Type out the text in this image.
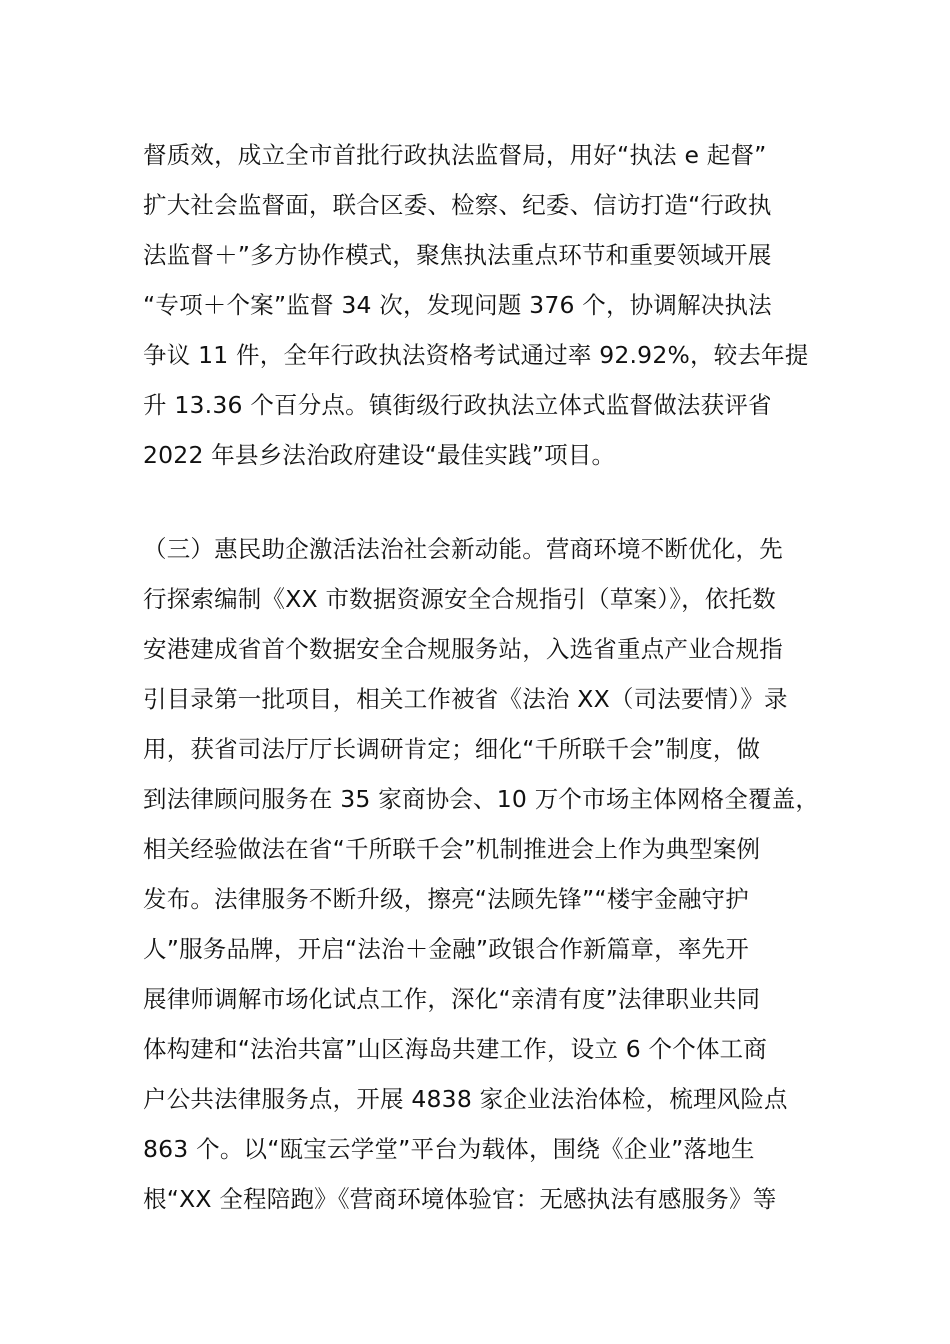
督质效，成立全市首批行政执法监督局，用好“执法 e 起督”
扩大社会监督面，联合区委、检察、纪委、信访打造“行政执
法监督＋”多方协作模式，聚焦执法重点环节和重要领域开展
“专项＋个案”监督 34 次，发现问题 376 个，协调解决执法
争议 11 件，全年行政执法资格考试通过率 92.92%，较去年提
升 13.36 个百分点。镇街级行政执法立体式监督做法获评省
2022 年县乡法治政府建设“最佳实践”项目。
（三）惠民助企激活法治社会新动能。营商环境不断优化，先
行探索编制《XX 市数据资源安全合规指引（草案）》，依托数
安港建成省首个数据安全合规服务站，入选省重点产业合规指
引目录第一批项目，相关工作被省《法治 XX（司法要情）》录
用，获省司法厅厅长调研肯定；细化“千所联千会”制度，做
到法律顾问服务在 35 家商协会、10 万个市场主体网格全覆盖，
相关经验做法在省“千所联千会”机制推进会上作为典型案例
发布。法律服务不断升级，擦亮“法顾先锋”“楼宇金融守护
人”服务品牌，开启“法治＋金融”政银合作新篇章，率先开
展律师调解市场化试点工作，深化“亲清有度”法律职业共同
体构建和“法治共富”山区海岛共建工作，设立 6 个个体工商
户公共法律服务点，开展 4838 家企业法治体检，梳理风险点
863 个。以“瓯宝云学堂”平台为载体，围绕《企业”落地生
根“XX 全程陪跑》《营商环境体验官：无感执法有感服务》等
